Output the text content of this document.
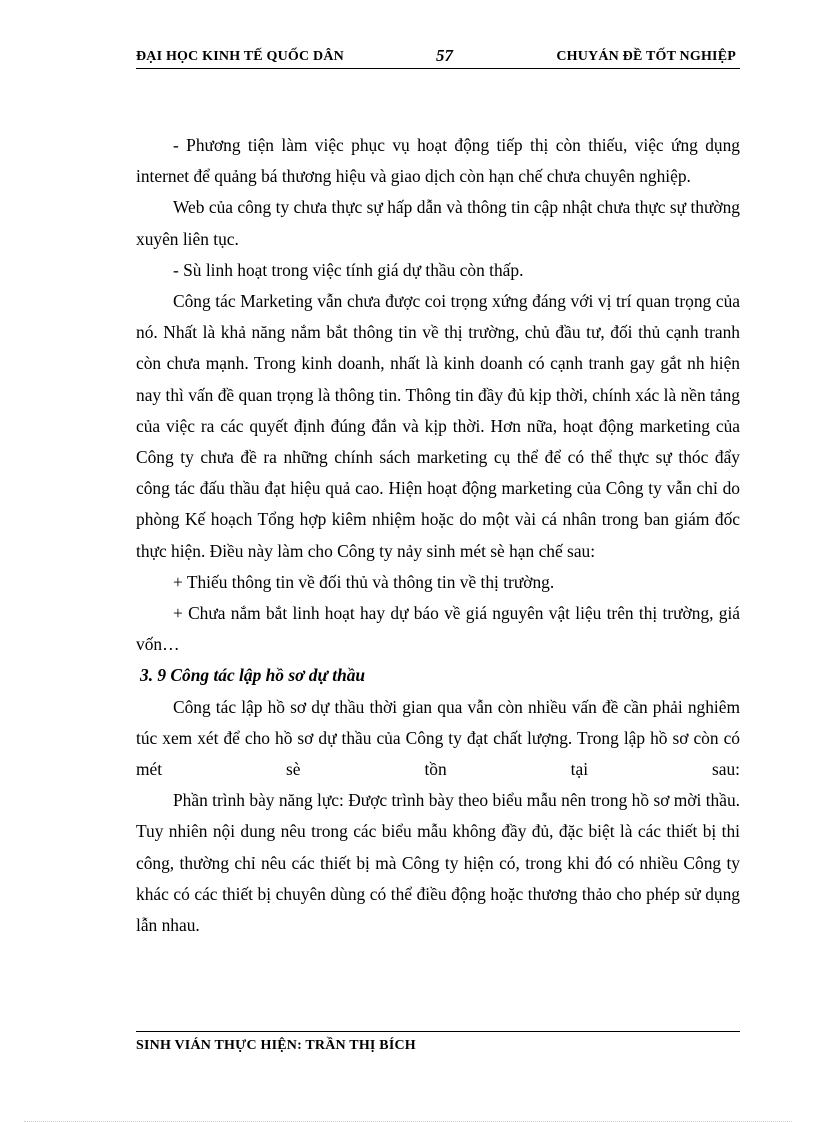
ĐẠI HỌC KINH TẾ QUỐC DÂN	57	CHUYÁN ĐỀ TỐT NGHIỆP

- Phương tiện làm việc phục vụ hoạt động tiếp thị còn thiếu, việc ứng dụng internet để quảng bá thương hiệu và giao dịch còn hạn chế chưa chuyên nghiệp.

Web của công ty chưa thực sự hấp dẫn và thông tin cập nhật chưa thực sự thường xuyên liên tục.

- Sù linh hoạt trong việc tính giá dự thầu còn thấp.

Công tác Marketing vẫn chưa được coi trọng xứng đáng với vị trí quan trọng của nó. Nhất là khả năng nắm bắt thông tin về thị trường, chủ đầu tư, đối thủ cạnh tranh còn chưa mạnh. Trong kinh doanh, nhất là kinh doanh có cạnh tranh gay gắt nh hiện nay thì vấn đề quan trọng là thông tin. Thông tin đầy đủ kịp thời, chính xác là nền tảng của việc ra các quyết định đúng đắn và kịp thời. Hơn nữa, hoạt động marketing của Công ty chưa đề ra những chính sách marketing cụ thể để có thể thực sự thóc đẩy công tác đấu thầu đạt hiệu quả cao. Hiện hoạt động marketing của Công ty vẫn chỉ do phòng Kế hoạch Tổng hợp kiêm nhiệm hoặc do một vài cá nhân trong ban giám đốc thực hiện. Điều này làm cho Công ty nảy sinh mét sè hạn chế sau:

+ Thiếu thông tin về đối thủ và thông tin về thị trường.

+ Chưa nắm bắt linh hoạt hay dự báo về giá nguyên vật liệu trên thị trường, giá vốn…

3. 9 Công tác lập hồ sơ dự thầu

Công tác lập hồ sơ dự thầu thời gian qua vẫn còn nhiều vấn đề cần phải nghiêm túc xem xét để cho hồ sơ dự thầu của Công ty đạt chất lượng. Trong lập hồ sơ còn có mét sè tồn tại sau:

Phần trình bày năng lực: Được trình bày theo biểu mẫu nên trong hồ sơ mời thầu. Tuy nhiên nội dung nêu trong các biểu mẫu không đầy đủ, đặc biệt là các thiết bị thi công, thường chỉ nêu các thiết bị mà Công ty hiện có, trong khi đó có nhiều Công ty khác có các thiết bị chuyên dùng có thể điều động hoặc thương thảo cho phép sử dụng lẫn nhau.

SINH VIÁN THỰC HIỆN: TRẦN THỊ BÍCH
